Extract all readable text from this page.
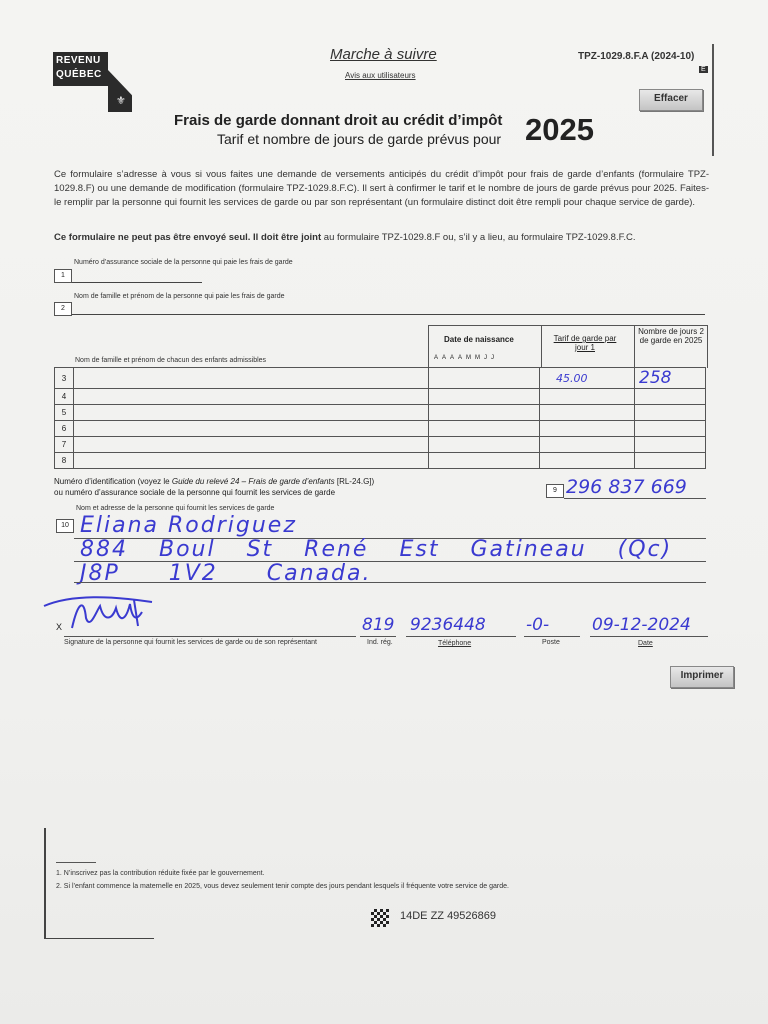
REVENU
QUÉBEC
⚜
Marche à suivre
Avis aux utilisateurs
TPZ-1029.8.F.A (2024-10)
E
Effacer
Frais de garde donnant droit au crédit d’impôt
Tarif et nombre de jours de garde prévus pour 2025
Ce formulaire s’adresse à vous si vous faites une demande de versements anticipés du crédit d’impôt pour frais de garde d’enfants (formulaire TPZ-1029.8.F) ou une demande de modification (formulaire TPZ-1029.8.F.C). Il sert à confirmer le tarif et le nombre de jours de garde prévus pour 2025. Faites-le remplir par la personne qui fournit les services de garde ou par son représentant (un formulaire distinct doit être rempli pour chaque service de garde).
Ce formulaire ne peut pas être envoyé seul. Il doit être joint au formulaire TPZ-1029.8.F ou, s’il y a lieu, au formulaire TPZ-1029.8.F.C.
Numéro d’assurance sociale de la personne qui paie les frais de garde
1
Nom de famille et prénom de la personne qui paie les frais de garde
2
Nom de famille et prénom de chacun des enfants admissibles
Date de naissance
AAAAMMJJ
Tarif de garde par jour 1
Nombre de jours 2 de garde en 2025
3			45.00	258
4				
5				
6				
7				
8				
Numéro d’identification (voyez le Guide du relevé 24 – Frais de garde d’enfants [RL-24.G])
ou numéro d’assurance sociale de la personne qui fournit les services de garde	9 296 837 669
Nom et adresse de la personne qui fournit les services de garde
10 Eliana Rodriguez
884 Boul St René Est Gatineau (Qc)
J8P 1V2 Canada.
X
Signature de la personne qui fournit les services de garde ou de son représentant
819
Ind. rég.
9236448
Téléphone
-0-
Poste
09-12-2024
Date
Imprimer
1. N’inscrivez pas la contribution réduite fixée par le gouvernement.
2. Si l’enfant commence la maternelle en 2025, vous devez seulement tenir compte des jours pendant lesquels il fréquente votre service de garde.
14DE ZZ 49526869
